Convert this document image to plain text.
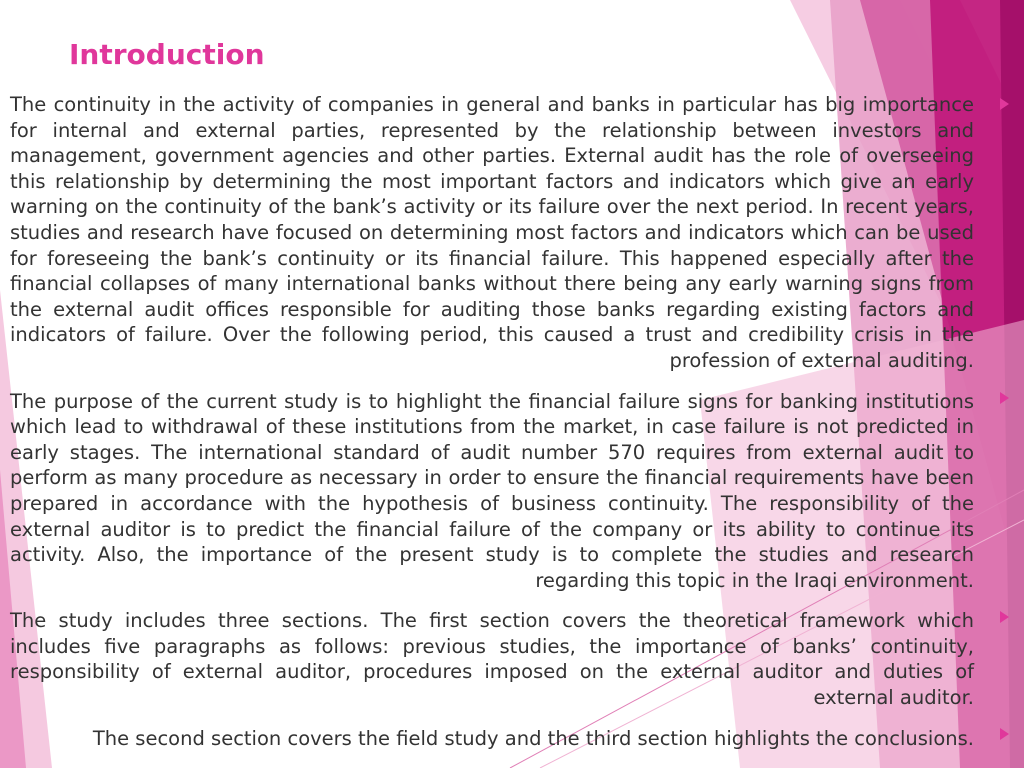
Introduction

The continuity in the activity of companies in general and banks in particular has big importance for internal and external parties, represented by the relationship between investors and management, government agencies and other parties. External audit has the role of overseeing this relationship by determining the most important factors and indicators which give an early warning on the continuity of the bank’s activity or its failure over the next period. In recent years, studies and research have focused on determining most factors and indicators which can be used for foreseeing the bank’s continuity or its financial failure. This happened especially after the financial collapses of many international banks without there being any early warning signs from the external audit offices responsible for auditing those banks regarding existing factors and indicators of failure. Over the following period, this caused a trust and credibility crisis in the profession of external auditing.

The purpose of the current study is to highlight the financial failure signs for banking institutions which lead to withdrawal of these institutions from the market, in case failure is not predicted in early stages. The international standard of audit number 570 requires from external audit to perform as many procedure as necessary in order to ensure the financial requirements have been prepared in accordance with the hypothesis of business continuity. The responsibility of the external auditor is to predict the financial failure of the company or its ability to continue its activity. Also, the importance of the present study is to complete the studies and research regarding this topic in the Iraqi environment.

The study includes three sections. The first section covers the theoretical framework which includes five paragraphs as follows: previous studies, the importance of banks’ continuity, responsibility of external auditor, procedures imposed on the external auditor and duties of external auditor.

The second section covers the field study and the third section highlights the conclusions.
